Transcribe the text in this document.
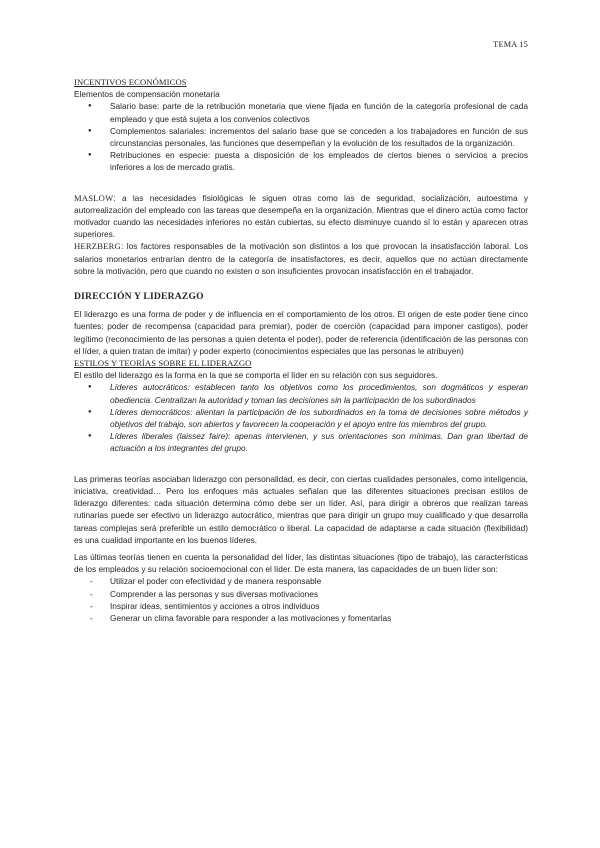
TEMA 15
INCENTIVOS ECONÓMICOS

Elementos de compensación monetaria

● Salario base: parte de la retribución monetaria que viene fijada en función de la categoría profesional de cada empleado y que está sujeta a los convenios colectivos
● Complementos salariales: incrementos del salario base que se conceden a los trabajadores en función de sus circunstancias personales, las funciones que desempeñan y la evolución de los resultados de la organización.
● Retribuciones en especie: puesta a disposición de los empleados de ciertos bienes o servicios a precios inferiores a los de mercado gratis.

MASLOW: a las necesidades fisiológicas le siguen otras como las de seguridad, socialización, autoestima y autorrealización del empleado con las tareas que desempeña en la organización. Mientras que el dinero actúa como factor motivador cuando las necesidades inferiores no están cubiertas, su efecto disminuye cuando sí lo están y aparecen otras superiores.

HERZBERG: los factores responsables de la motivación son distintos a los que provocan la insatisfacción laboral. Los salarios monetarios entrarían dentro de la categoría de insatisfactores, es decir, aquellos que no actúan directamente sobre la motivación, pero que cuando no existen o son insuficientes provocan insatisfacción en el trabajador.

DIRECCIÓN Y LIDERAZGO

El liderazgo es una forma de poder y de influencia en el comportamiento de los otros. El origen de este poder tiene cinco fuentes: poder de recompensa (capacidad para premiar), poder de coerción (capacidad para imponer castigos), poder legítimo (reconocimiento de las personas a quien detenta el poder), poder de referencia (identificación de las personas con el líder, a quien tratan de imitar) y poder experto (conocimientos especiales que las personas le atribuyen)

ESTILOS Y TEORÍAS SOBRE EL LIDERAZGO

El estilo del liderazgo es la forma en la que se comporta el líder en su relación con sus seguidores.

● Líderes autocráticos: establecen tanto los objetivos como los procedimientos, son dogmáticos y esperan obediencia. Centralizan la autoridad y toman las decisiones sin la participación de los subordinados
● Líderes democráticos: alientan la participación de los subordinados en la toma de decisiones sobre métodos y objetivos del trabajo, son abiertos y favorecen la cooperación y el apoyo entre los miembros del grupo.
● Líderes liberales (laissez faire): apenas intervienen, y sus orientaciones son mínimas. Dan gran libertad de actuación a los integrantes del grupo.

Las primeras teorías asociaban liderazgo con personalidad, es decir, con ciertas cualidades personales, como inteligencia, iniciativa, creatividad… Pero los enfoques más actuales señalan que las diferentes situaciones precisan estilos de liderazgo diferentes: cada situación determina cómo debe ser un líder. Así, para dirigir a obreros que realizan tareas rutinarias puede ser efectivo un liderazgo autocrático, mientras que para dirigir un grupo muy cualificado y que desarrolla tareas complejas será preferible un estilo democrático o liberal. La capacidad de adaptarse a cada situación (flexibilidad) es una cualidad importante en los buenos líderes.

Las últimas teorías tienen en cuenta la personalidad del líder, las distintas situaciones (tipo de trabajo), las características de los empleados y su relación socioemocional con el líder. De esta manera, las capacidades de un buen líder son:

- Utilizar el poder con efectividad y de manera responsable
- Comprender a las personas y sus diversas motivaciones
- Inspirar ideas, sentimientos y acciones a otros individuos
- Generar un clima favorable para responder a las motivaciones y fomentarlas
